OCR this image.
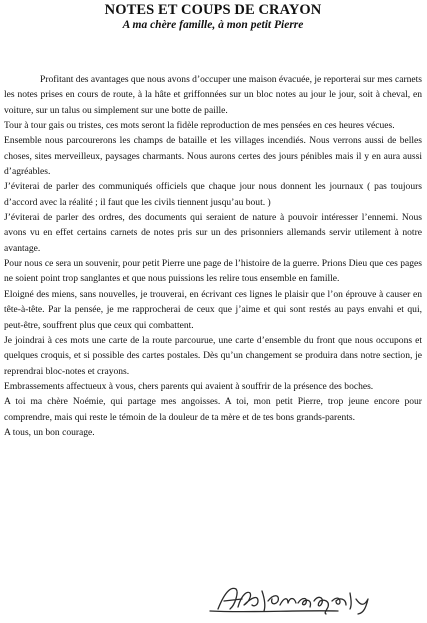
NOTES ET COUPS DE CRAYON
A ma chère famille, à mon petit Pierre

Profitant des avantages que nous avons d’occuper une maison évacuée, je reporterai sur mes carnets les notes prises en cours de route, à la hâte et griffonnées sur un bloc notes au jour le jour, soit à cheval, en voiture, sur un talus ou simplement sur une botte de paille.

Tour à tour gais ou tristes, ces mots seront la fidèle reproduction de mes pensées en ces heures vécues.

Ensemble nous parcourerons les champs de bataille et les villages incendiés. Nous verrons aussi de belles choses, sites merveilleux, paysages charmants. Nous aurons certes des jours pénibles mais il y en aura aussi d’agréables.

J’éviterai de parler des communiqués officiels que chaque jour nous donnent les journaux ( pas toujours d’accord avec la réalité ; il faut que les civils tiennent jusqu’au bout. )

J’éviterai de parler des ordres, des documents qui seraient de nature à pouvoir intéresser l’ennemi. Nous avons vu en effet certains carnets de notes pris sur un des prisonniers allemands servir utilement à notre avantage.

Pour nous ce sera un souvenir, pour petit Pierre une page de l’histoire de la guerre. Prions Dieu que ces pages ne soient point trop sanglantes et que nous puissions les relire tous ensemble en famille.

Eloigné des miens, sans nouvelles, je trouverai, en écrivant ces lignes le plaisir que l’on éprouve à causer en tête-à-tête. Par la pensée, je me rapprocherai de ceux que j’aime et qui sont restés au pays envahi et qui, peut-être, souffrent plus que ceux qui combattent.

Je joindrai à ces mots une carte de la route parcourue, une carte d’ensemble du front que nous occupons et quelques croquis, et si possible des cartes postales. Dès qu’un changement se produira dans notre section, je reprendrai bloc-notes et crayons.

Embrassements affectueux à vous, chers parents qui avaient à souffrir de la présence des boches.

A toi ma chère Noémie, qui partage mes angoisses. A toi, mon petit Pierre, trop jeune encore pour comprendre, mais qui reste le témoin de la douleur de ta mère et de tes bons grands-parents.

A tous, un bon courage.
